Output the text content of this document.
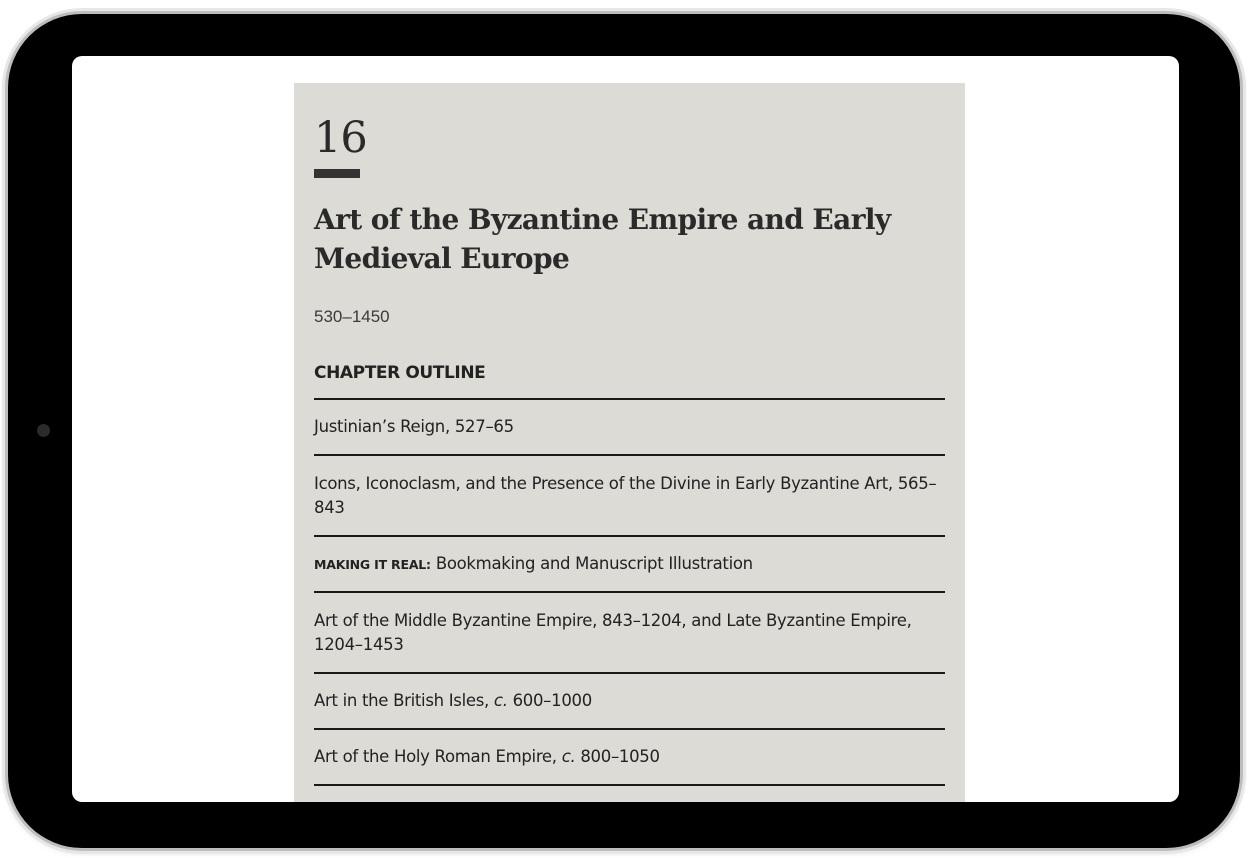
16
Art of the Byzantine Empire and Early Medieval Europe
530–1450
CHAPTER OUTLINE
Justinian’s Reign, 527–65
Icons, Iconoclasm, and the Presence of the Divine in Early Byzantine Art, 565–843
MAKING IT REAL: Bookmaking and Manuscript Illustration
Art of the Middle Byzantine Empire, 843–1204, and Late Byzantine Empire, 1204–1453
Art in the British Isles, c. 600–1000
Art of the Holy Roman Empire, c. 800–1050
